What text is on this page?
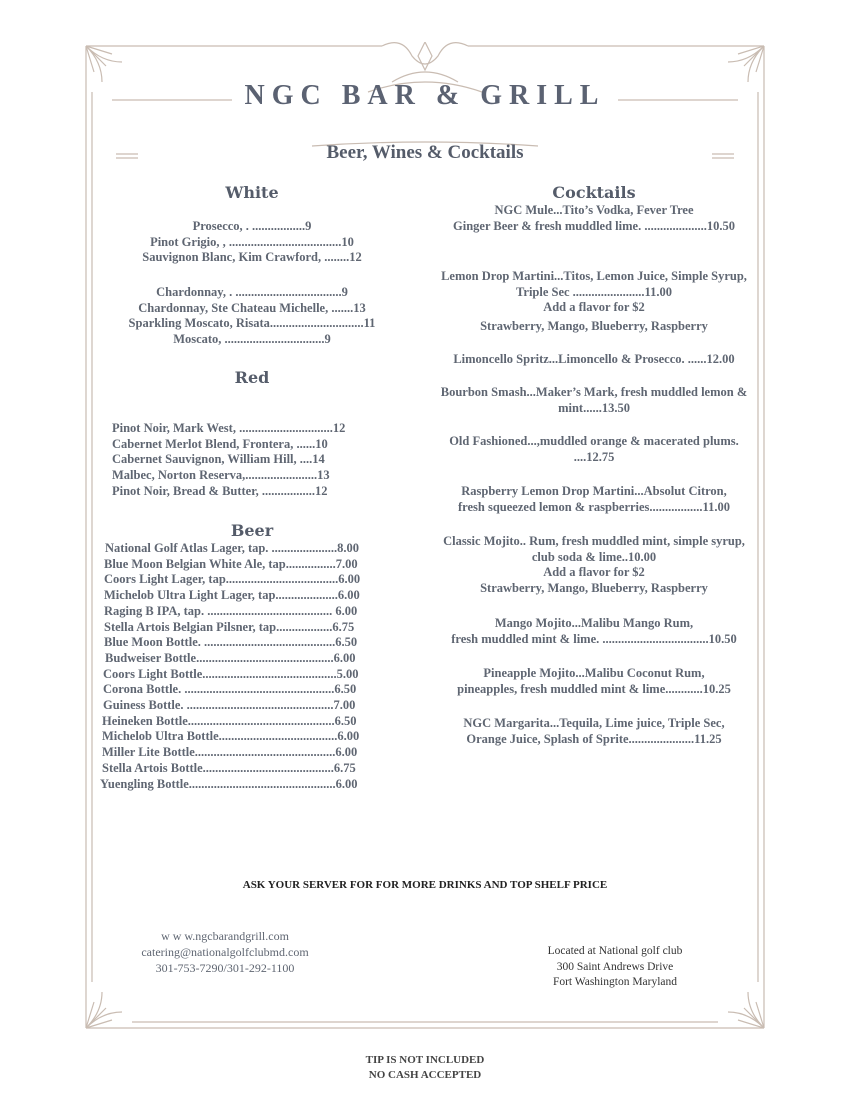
NGC BAR & GRILL
Beer, Wines & Cocktails
White
Prosecco, . .................9
Pinot Grigio, , ....................................10
Sauvignon Blanc, Kim Crawford, ........12
Chardonnay, . ..................................9
Chardonnay, Ste Chateau Michelle, .......13
Sparkling Moscato, Risata..............................11
Moscato, ................................9
Red
Pinot Noir, Mark West, ..............................12
Cabernet Merlot Blend, Frontera, ......10
Cabernet Sauvignon, William Hill, ....14
Malbec, Norton Reserva,.......................13
Pinot Noir, Bread & Butter, .................12
Beer
National Golf Atlas Lager, tap. .....................8.00
Blue Moon Belgian White Ale, tap................7.00
Coors Light Lager, tap....................................6.00
Michelob Ultra Light Lager, tap....................6.00
Raging B IPA, tap. ........................................ 6.00
Stella Artois Belgian Pilsner, tap..................6.75
Blue Moon Bottle. ..........................................6.50
Budweiser Bottle............................................6.00
Coors Light Bottle...........................................5.00
Corona Bottle. ................................................6.50
Guiness Bottle. ...............................................7.00
Heineken Bottle...............................................6.50
Michelob Ultra Bottle......................................6.00
Miller Lite Bottle.............................................6.00
Stella Artois Bottle..........................................6.75
Yuengling Bottle...............................................6.00
Cocktails
NGC Mule...Tito’s Vodka, Fever Tree
Ginger Beer & fresh muddled lime. ....................10.50
Lemon Drop Martini...Titos, Lemon Juice, Simple Syrup,
Triple Sec .......................11.00
Add a flavor for $2
Strawberry, Mango, Blueberry, Raspberry
Limoncello Spritz...Limoncello & Prosecco. ......12.00
Bourbon Smash...Maker’s Mark, fresh muddled lemon &
mint......13.50
Old Fashioned...,muddled orange & macerated plums.
....12.75
Raspberry Lemon Drop Martini...Absolut Citron,
fresh squeezed lemon & raspberries.................11.00
Classic Mojito.. Rum, fresh muddled mint, simple syrup,
club soda & lime..10.00
Add a flavor for $2
Strawberry, Mango, Blueberry, Raspberry
Mango Mojito...Malibu Mango Rum,
fresh muddled mint & lime. ..................................10.50
Pineapple Mojito...Malibu Coconut Rum,
pineapples, fresh muddled mint & lime............10.25
NGC Margarita...Tequila, Lime juice, Triple Sec,
Orange Juice, Splash of Sprite.....................11.25
ASK YOUR SERVER FOR FOR MORE DRINKS AND TOP SHELF PRICE
w w w.ngcbarandgrill.com
catering@nationalgolfclubmd.com
301-753-7290/301-292-1100
Located at National golf club
300 Saint Andrews Drive
Fort Washington Maryland
TIP IS NOT INCLUDED
NO CASH ACCEPTED
